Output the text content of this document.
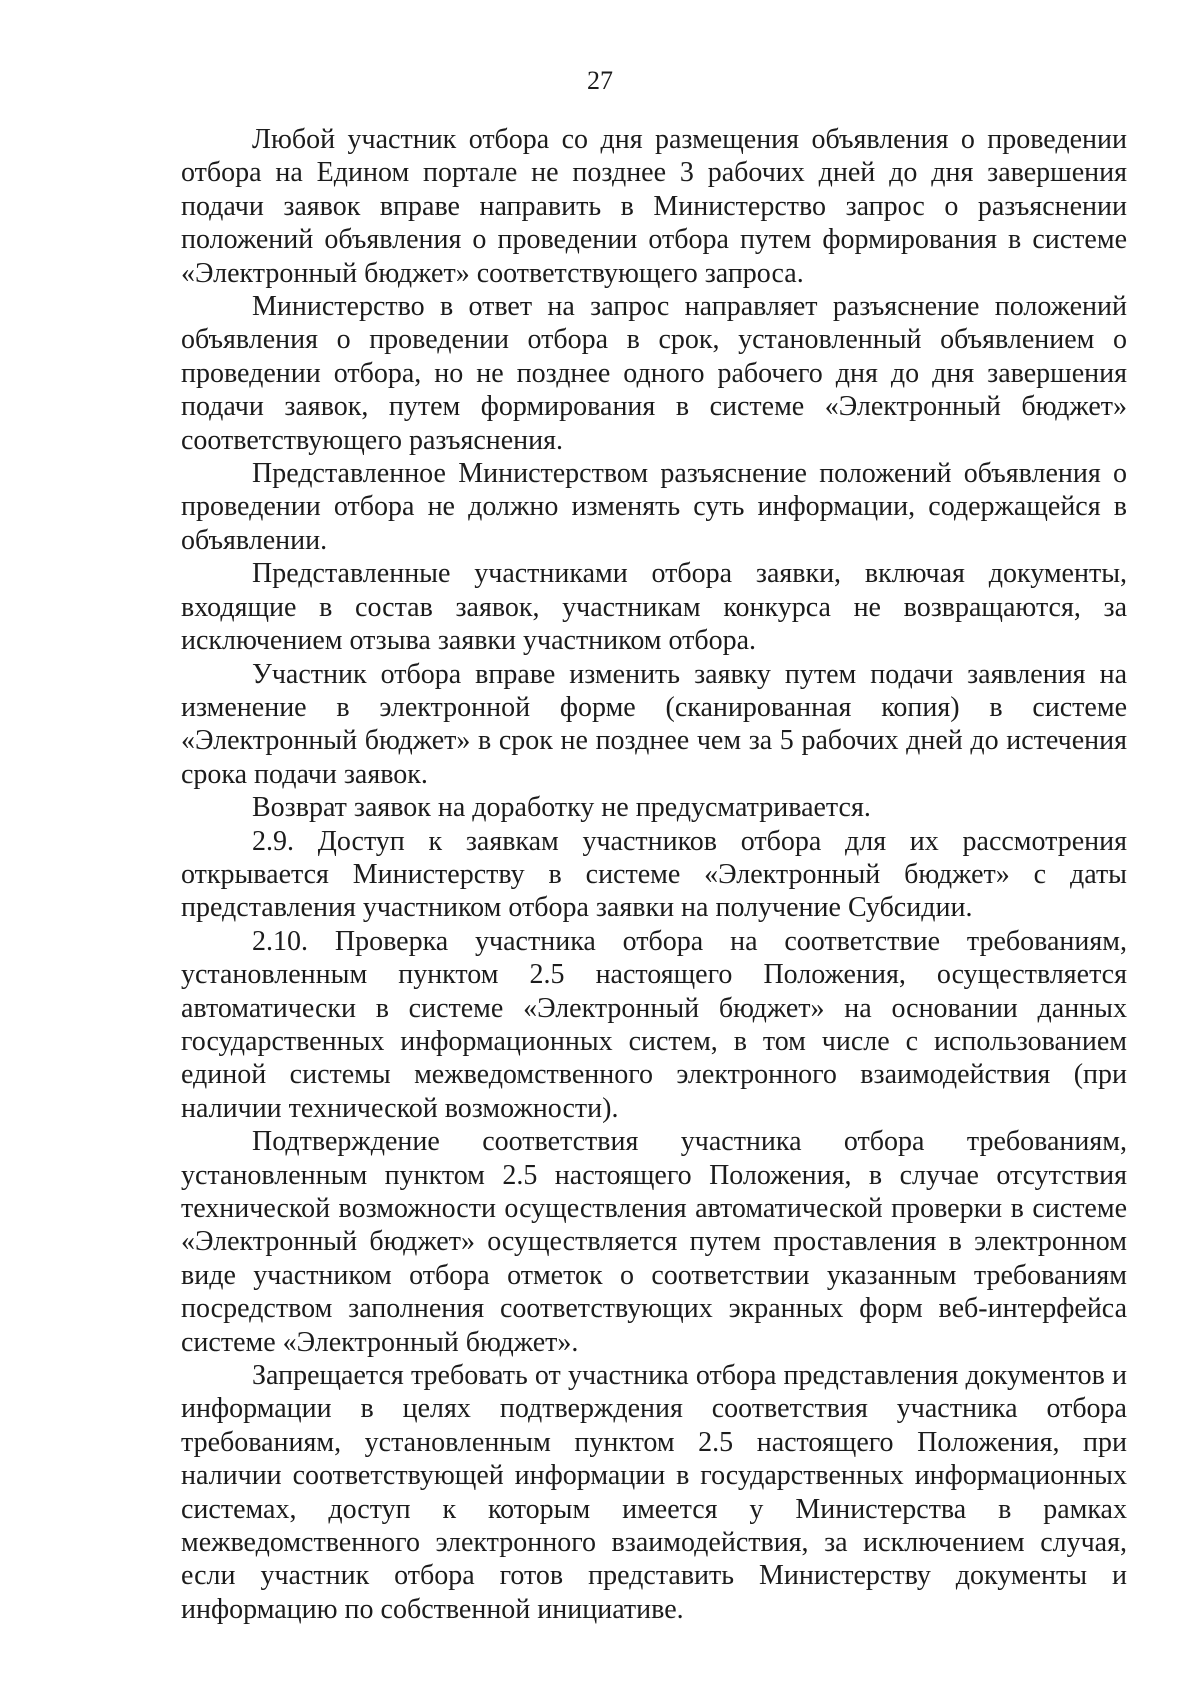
27

Любой участник отбора со дня размещения объявления о проведении отбора на Едином портале не позднее 3 рабочих дней до дня завершения подачи заявок вправе направить в Министерство запрос о разъяснении положений объявления о проведении отбора путем формирования в системе «Электронный бюджет» соответствующего запроса.

Министерство в ответ на запрос направляет разъяснение положений объявления о проведении отбора в срок, установленный объявлением о проведении отбора, но не позднее одного рабочего дня до дня завершения подачи заявок, путем формирования в системе «Электронный бюджет» соответствующего разъяснения.

Представленное Министерством разъяснение положений объявления о проведении отбора не должно изменять суть информации, содержащейся в объявлении.

Представленные участниками отбора заявки, включая документы, входящие в состав заявок, участникам конкурса не возвращаются, за исключением отзыва заявки участником отбора.

Участник отбора вправе изменить заявку путем подачи заявления на изменение в электронной форме (сканированная копия) в системе «Электронный бюджет» в срок не позднее чем за 5 рабочих дней до истечения срока подачи заявок.

Возврат заявок на доработку не предусматривается.

2.9. Доступ к заявкам участников отбора для их рассмотрения открывается Министерству в системе «Электронный бюджет» с даты представления участником отбора заявки на получение Субсидии.

2.10. Проверка участника отбора на соответствие требованиям, установленным пунктом 2.5 настоящего Положения, осуществляется автоматически в системе «Электронный бюджет» на основании данных государственных информационных систем, в том числе с использованием единой системы межведомственного электронного взаимодействия (при наличии технической возможности).

Подтверждение соответствия участника отбора требованиям, установленным пунктом 2.5 настоящего Положения, в случае отсутствия технической возможности осуществления автоматической проверки в системе «Электронный бюджет» осуществляется путем проставления в электронном виде участником отбора отметок о соответствии указанным требованиям посредством заполнения соответствующих экранных форм веб-интерфейса системе «Электронный бюджет».

Запрещается требовать от участника отбора представления документов и информации в целях подтверждения соответствия участника отбора требованиям, установленным пунктом 2.5 настоящего Положения, при наличии соответствующей информации в государственных информационных системах, доступ к которым имеется у Министерства в рамках межведомственного электронного взаимодействия, за исключением случая, если участник отбора готов представить Министерству документы и информацию по собственной инициативе.
